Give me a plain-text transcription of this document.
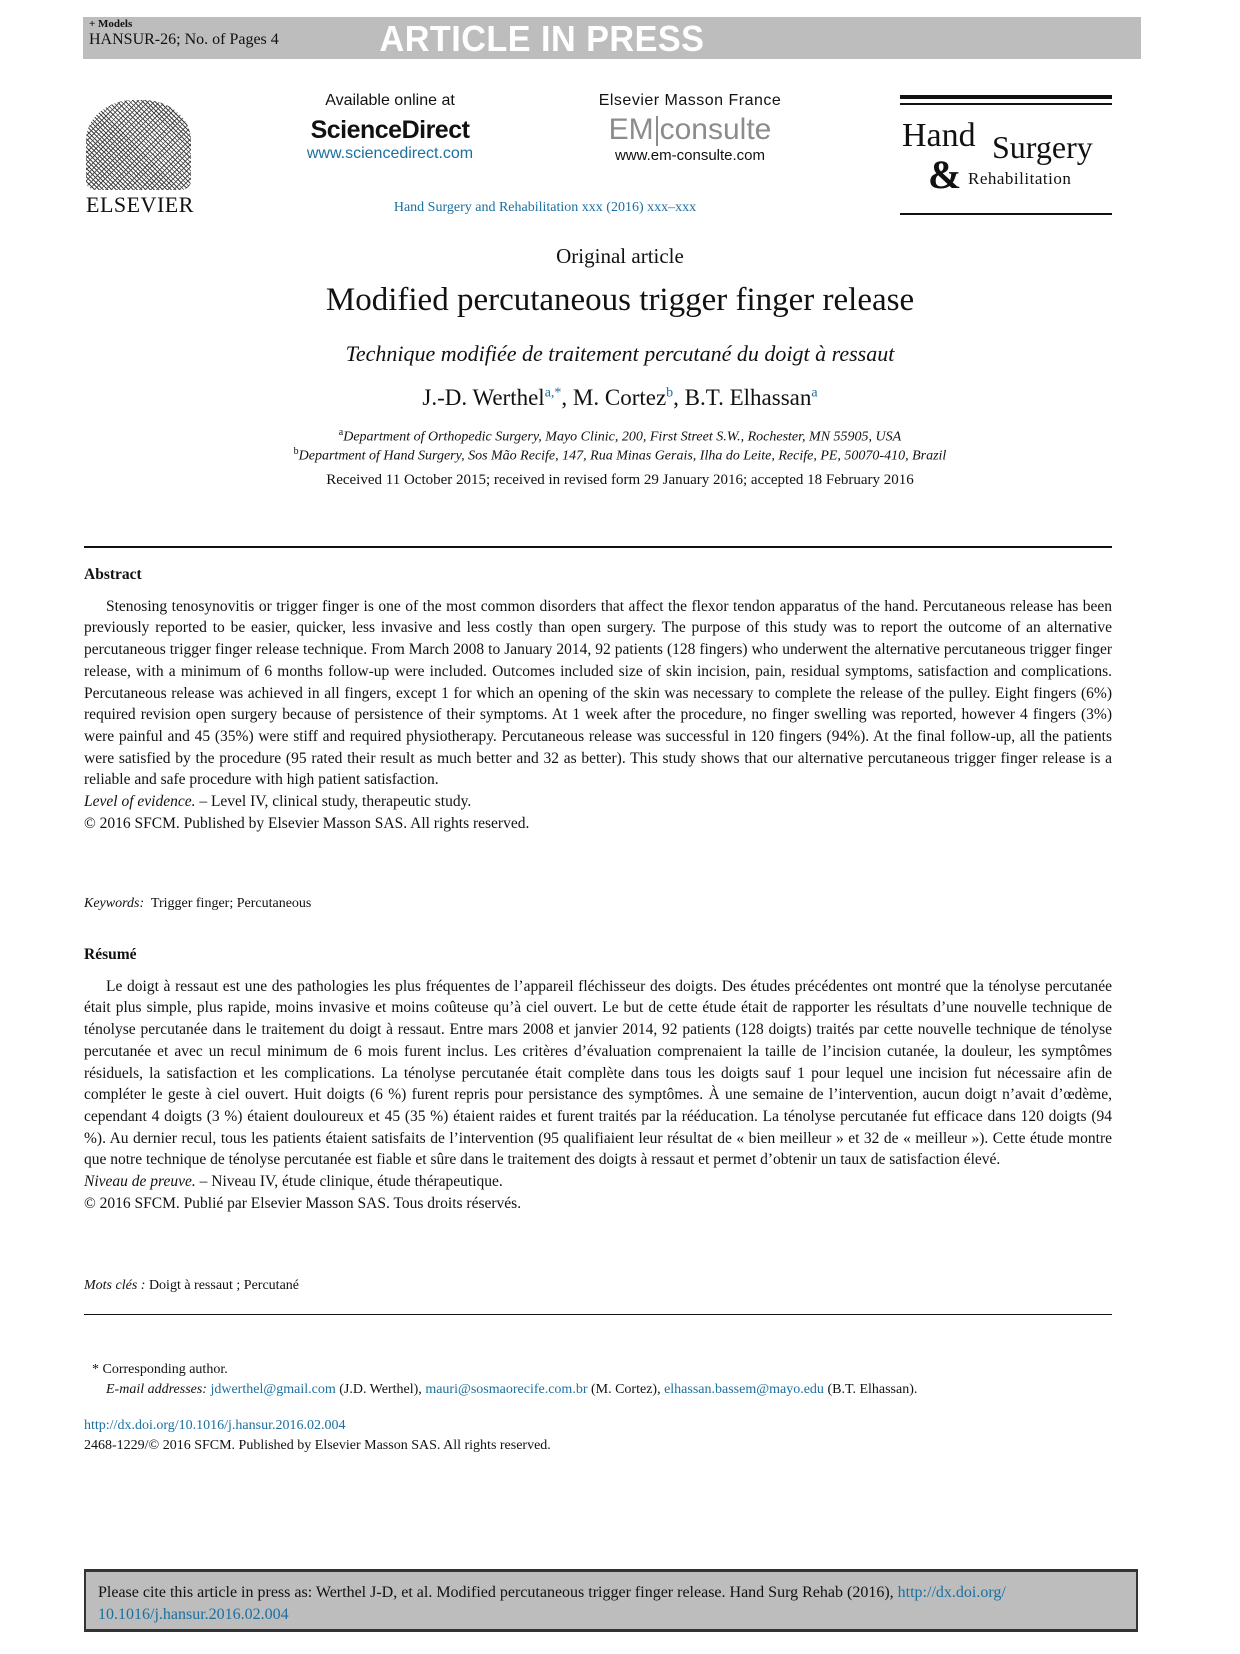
+ Models
HANSUR-26; No. of Pages 4	ARTICLE IN PRESS
ELSEVIER
Available online at
ScienceDirect
www.sciencedirect.com
Elsevier Masson France
EM consulte
www.em-consulte.com
Hand Surgery and Rehabilitation xxx (2016) xxx–xxx
Hand Surgery
& Rehabilitation
Original article
Modified percutaneous trigger finger release
Technique modifiée de traitement percutané du doigt à ressaut
J.-D. Werthel$^{a,*}$, M. Cortez$^b$, B.T. Elhassan$^a$
$^a$Department of Orthopedic Surgery, Mayo Clinic, 200, First Street S.W., Rochester, MN 55905, USA
$^b$Department of Hand Surgery, Sos Mão Recife, 147, Rua Minas Gerais, Ilha do Leite, Recife, PE, 50070-410, Brazil
Received 11 October 2015; received in revised form 29 January 2016; accepted 18 February 2016
Abstract

Stenosing tenosynovitis or trigger finger is one of the most common disorders that affect the flexor tendon apparatus of the hand. Percutaneous release has been previously reported to be easier, quicker, less invasive and less costly than open surgery. The purpose of this study was to report the outcome of an alternative percutaneous trigger finger release technique. From March 2008 to January 2014, 92 patients (128 fingers) who underwent the alternative percutaneous trigger finger release, with a minimum of 6 months follow-up were included. Outcomes included size of skin incision, pain, residual symptoms, satisfaction and complications. Percutaneous release was achieved in all fingers, except 1 for which an opening of the skin was necessary to complete the release of the pulley. Eight fingers (6%) required revision open surgery because of persistence of their symptoms. At 1 week after the procedure, no finger swelling was reported, however 4 fingers (3%) were painful and 45 (35%) were stiff and required physiotherapy. Percutaneous release was successful in 120 fingers (94%). At the final follow-up, all the patients were satisfied by the procedure (95 rated their result as much better and 32 as better). This study shows that our alternative percutaneous trigger finger release is a reliable and safe procedure with high patient satisfaction.

Level of evidence. – Level IV, clinical study, therapeutic study.

© 2016 SFCM. Published by Elsevier Masson SAS. All rights reserved.

Keywords: Trigger finger; Percutaneous
Résumé

Le doigt à ressaut est une des pathologies les plus fréquentes de l’appareil fléchisseur des doigts. Des études précédentes ont montré que la ténolyse percutanée était plus simple, plus rapide, moins invasive et moins coûteuse qu’à ciel ouvert. Le but de cette étude était de rapporter les résultats d’une nouvelle technique de ténolyse percutanée dans le traitement du doigt à ressaut. Entre mars 2008 et janvier 2014, 92 patients (128 doigts) traités par cette nouvelle technique de ténolyse percutanée et avec un recul minimum de 6 mois furent inclus. Les critères d’évaluation comprenaient la taille de l’incision cutanée, la douleur, les symptômes résiduels, la satisfaction et les complications. La ténolyse percutanée était complète dans tous les doigts sauf 1 pour lequel une incision fut nécessaire afin de compléter le geste à ciel ouvert. Huit doigts (6 %) furent repris pour persistance des symptômes. À une semaine de l’intervention, aucun doigt n’avait d’œdème, cependant 4 doigts (3 %) étaient douloureux et 45 (35 %) étaient raides et furent traités par la rééducation. La ténolyse percutanée fut efficace dans 120 doigts (94 %). Au dernier recul, tous les patients étaient satisfaits de l’intervention (95 qualifiaient leur résultat de « bien meilleur » et 32 de « meilleur »). Cette étude montre que notre technique de ténolyse percutanée est fiable et sûre dans le traitement des doigts à ressaut et permet d’obtenir un taux de satisfaction élevé.

Niveau de preuve. – Niveau IV, étude clinique, étude thérapeutique.

© 2016 SFCM. Publié par Elsevier Masson SAS. Tous droits réservés.

Mots clés : Doigt à ressaut ; Percutané
* Corresponding author.
E-mail addresses: jdwerthel@gmail.com (J.D. Werthel), mauri@sosmaorecife.com.br (M. Cortez), elhassan.bassem@mayo.edu (B.T. Elhassan).
http://dx.doi.org/10.1016/j.hansur.2016.02.004
2468-1229/© 2016 SFCM. Published by Elsevier Masson SAS. All rights reserved.
Please cite this article in press as: Werthel J-D, et al. Modified percutaneous trigger finger release. Hand Surg Rehab (2016), http://dx.doi.org/
10.1016/j.hansur.2016.02.004
